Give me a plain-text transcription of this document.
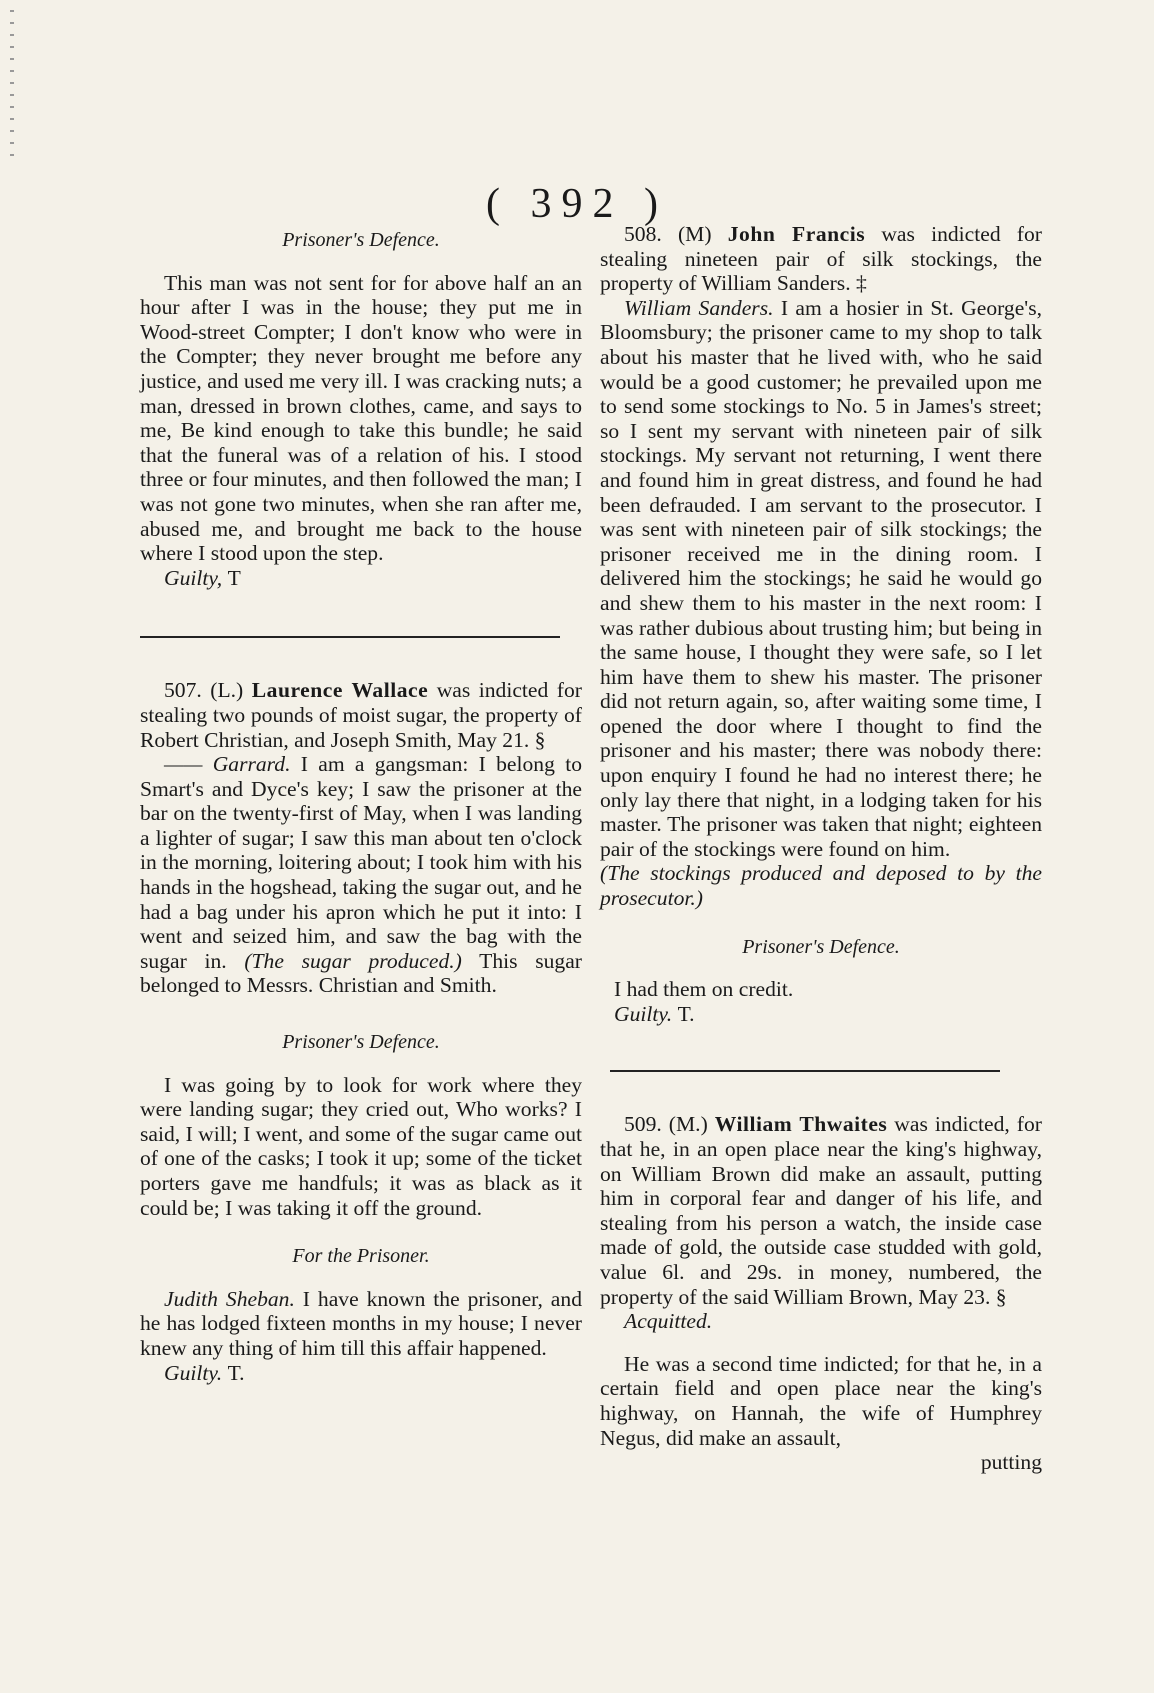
( 392 )
Prisoner's Defence.

This man was not sent for for above half an an hour after I was in the house; they put me in Wood-street Compter; I don't know who were in the Compter; they never brought me before any justice, and used me very ill. I was cracking nuts; a man, dressed in brown clothes, came, and says to me, Be kind enough to take this bundle; he said that the funeral was of a relation of his. I stood three or four minutes, and then followed the man; I was not gone two minutes, when she ran after me, abused me, and brought me back to the house where I stood upon the step.

Guilty, T

507. (L.) Laurence Wallace was indicted for stealing two pounds of moist sugar, the property of Robert Christian, and Joseph Smith, May 21. §

—— Garrard. I am a gangsman: I belong to Smart's and Dyce's key; I saw the prisoner at the bar on the twenty-first of May, when I was landing a lighter of sugar; I saw this man about ten o'clock in the morning, loitering about; I took him with his hands in the hogshead, taking the sugar out, and he had a bag under his apron which he put it into: I went and seized him, and saw the bag with the sugar in. (The sugar produced.) This sugar belonged to Messrs. Christian and Smith.

Prisoner's Defence.

I was going by to look for work where they were landing sugar; they cried out, Who works? I said, I will; I went, and some of the sugar came out of one of the casks; I took it up; some of the ticket porters gave me handfuls; it was as black as it could be; I was taking it off the ground.

For the Prisoner.

Judith Sheban. I have known the prisoner, and he has lodged fixteen months in my house; I never knew any thing of him till this affair happened.

Guilty. T.

508. (M) John Francis was indicted for stealing nineteen pair of silk stockings, the property of William Sanders. ‡

William Sanders. I am a hosier in St. George's, Bloomsbury; the prisoner came to my shop to talk about his master that he lived with, who he said would be a good customer; he prevailed upon me to send some stockings to No. 5 in James's street; so I sent my servant with nineteen pair of silk stockings. My servant not returning, I went there and found him in great distress, and found he had been defrauded. I am servant to the prosecutor. I was sent with nineteen pair of silk stockings; the prisoner received me in the dining room. I delivered him the stockings; he said he would go and shew them to his master in the next room: I was rather dubious about trusting him; but being in the same house, I thought they were safe, so I let him have them to shew his master. The prisoner did not return again, so, after waiting some time, I opened the door where I thought to find the prisoner and his master; there was nobody there: upon enquiry I found he had no interest there; he only lay there that night, in a lodging taken for his master. The prisoner was taken that night; eighteen pair of the stockings were found on him.

(The stockings produced and deposed to by the prosecutor.)

Prisoner's Defence.

I had them on credit.

Guilty. T.

509. (M.) William Thwaites was indicted, for that he, in an open place near the king's highway, on William Brown did make an assault, putting him in corporal fear and danger of his life, and stealing from his person a watch, the inside case made of gold, the outside case studded with gold, value 6l. and 29s. in money, numbered, the property of the said William Brown, May 23. §

Acquitted.

He was a second time indicted; for that he, in a certain field and open place near the king's highway, on Hannah, the wife of Humphrey Negus, did make an assault,

putting
